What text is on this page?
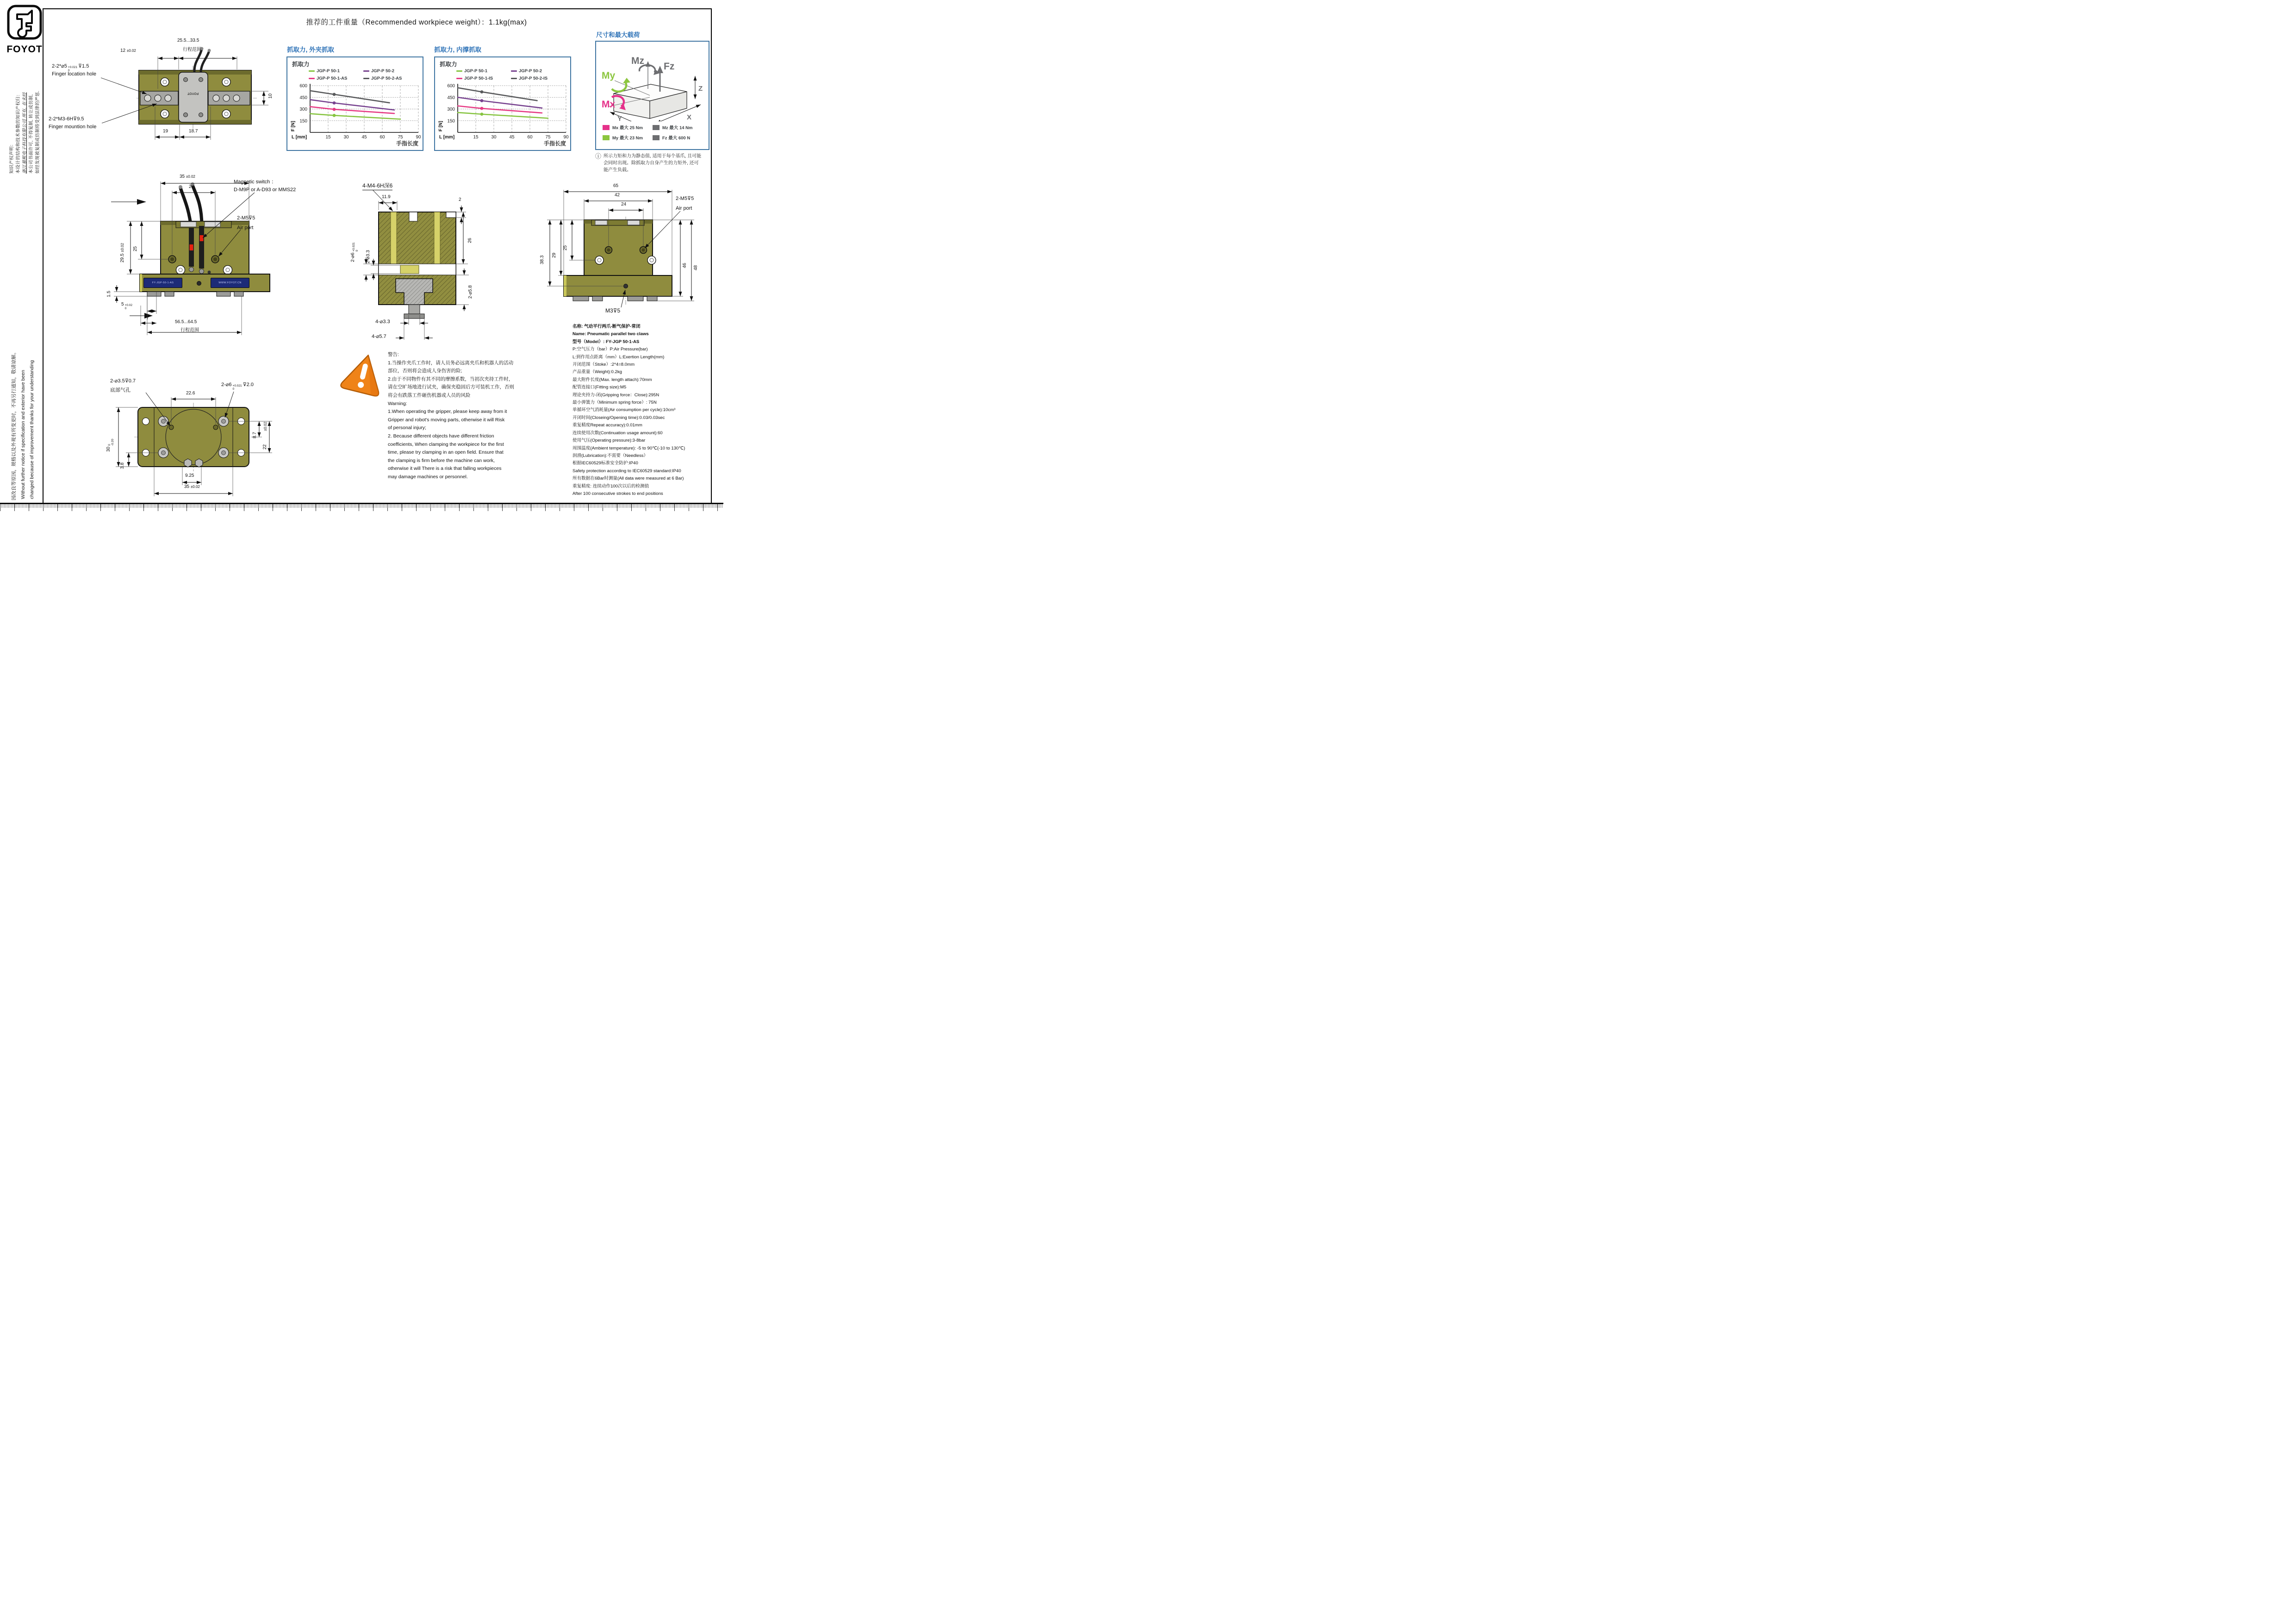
FOYOT
知识产权声明： 本设计的结构和技术参数的知识产权归： 浙江慕熙电子科技有限公司 所有, 在未经 本公司书面许可, 不得复制, 转让或仿制, 如经发现被复制或仿制将受到法律的严惩.
因改良等原因，规格以及外观有所变更时，不再另行通知，敬请谅解。 Without further notice if specification and exterior have been changed because of improvement thanks for your understanding
推荐的工件重量（Recommended workpiece weight）：1.1kg(max)
抓取力, 外夹抓取
抓取力
JGP-P 50-1
JGP-P 50-1-AS
JGP-P 50-2
JGP-P 50-2-AS
15	30	45	60	75	90
150
300
450
600
F [N]
L [mm]
手指长度
抓取力, 内撑抓取
抓取力
JGP-P 50-1
JGP-P 50-1-IS
JGP-P 50-2
JGP-P 50-2-IS
15	30	45	60	75	90
150
300
450
600
F [N]
L [mm]
手指长度
尺寸和最大载荷
Mz
Fz
My
Mx
Z
X
Y
Mx 最大 25 Nm
My 最大 23 Nm
Mz 最大 14 Nm
Fz 最大 600 N
ⓘ 所示力矩和力为静态值, 适用于每个基爪, 且可能
会同时出现。除抓取力自身产生的力矩外, 还可
能产生负载。
FOYOT
25.5...33.5
行程范围
12 ±0.02
2-2*⌀5 +0.021
0
⊽1.5
Finger location hole
2-2*M3-6H⊽9.5
Finger mountion hole
19	18.7
10
FY-JGP-50-1-AS	WWW.FOYOT.CN
35 ±0.02
24
Magnetic switch ：
D-M9P or A-D93 or MMS22
2-M5⊽5
Air port
29.5 ±0.02 25
1.5
5 +0.02
0
7
56.5...64.5
行程范围
4-M4-6H深6
11.9
2
26
2-⌀6
+0.021 0 2-⌀3.3
2-⌀5.8
4-⌀3.3
4-⌀5.7
65
42
24
2-M5⊽5
Air port
38.3
29
25
46 48
M3⊽5
2-⌀3.5⊽0.7
底部气孔
22.6
2-⌀6 +0.021
0
⊽2.0
30
0 -0.20
3.8
8.7
±0.02
22
9.25
35 ±0.02
警告:
1.当操作夹爪工作时，请人员务必远离夹爪和机器人的活动
部位，否则将会造成人身伤害的险;
2.由于不同物件有其不同的摩擦系数，当初次夹持工件时，
请在空旷场地进行试夹，确保夹稳固后方可装机工作，否则
将会有跌落工件砸伤机器或人员的风险
Warning:
1.When operating the gripper, please keep away from it
Gripper and robot's moving parts, otherwise it will Risk
of personal injury;
2. Because different objects have different friction
coefficients, When clamping the workpiece for the first
time, please try clamping in an open field. Ensure that
the clamping is firm before the machine can work,
otherwise it will There is a risk that falling workpieces
may damage machines or personnel.
名称: 气动平行两爪-断气保护-常闭
Name: Pneumatic parallel two claws
型号（Model）: FY-JGP 50-1-AS
P:空气压力（bar）P:Air Pressure(bar)
L:到作用点距离（mm）L:Exertion Length(mm)
开闭范围（Stoke）:2*4=8.0mm
产品重量（Weight):0.2kg
最大附件长度(Max. length attach):70mm
配管连接口(Fitting size):M5
理论夹持力-闭(Gripping force：Close):295N
最小弹簧力（Minimum spring force）: 75N
单循环空气消耗量(Air consumption per cycle):10cm³
开闭时间(Closeing/Opening time):0.03/0.03sec
重复精度Repeat accuracy):0.01mm
连续使用次数(Continuation usage amount):60
使用气压(Operating pressure):3-8bar
周围温度(Ambient temperature): -5 to 90℃(-10 to 130℃)
润滑(Lubrication):不需要（Needless）
根据IEC60529标准安全防护:IP40
Safety protection according to IEC60529 standard:IP40
所有数据在6Bar时测量(All data were measured at 6 Bar)
重复精度: 连续动作100次以后的检测值
After 100 consecutive strokes to end positions
